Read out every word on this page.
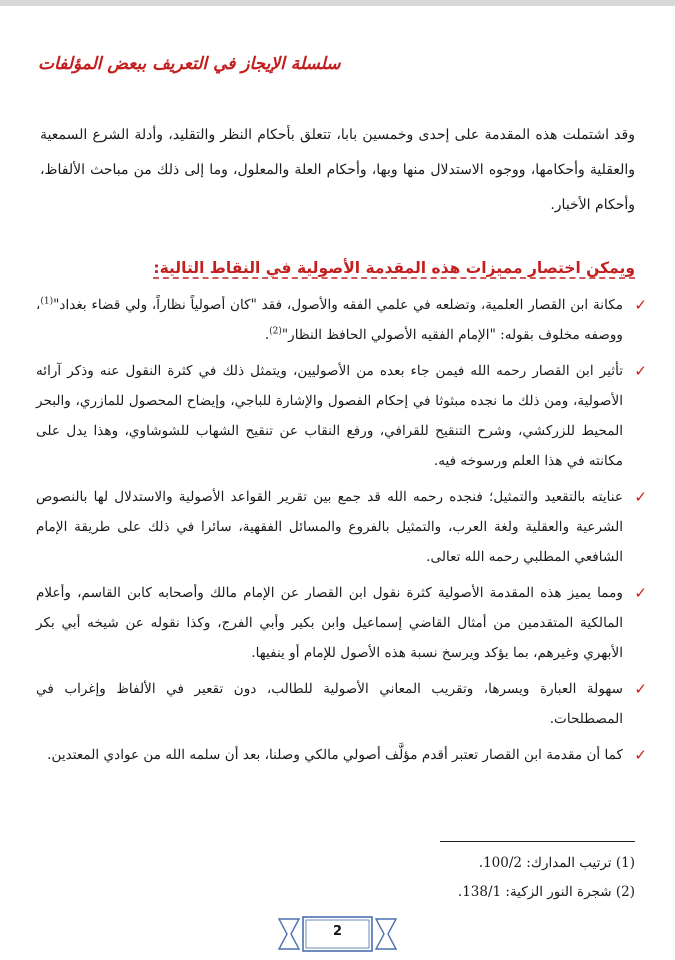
سلسلة الإيجاز في التعريف ببعض المؤلفات

وقد اشتملت هذه المقدمة على إحدى وخمسين بابا، تتعلق بأحكام النظر والتقليد، وأدلة الشرع السمعية والعقلية وأحكامها، ووجوه الاستدلال منها وبها، وأحكام العلة والمعلول، وما إلى ذلك من مباحث الألفاظ، وأحكام الأخبار.

ويمكن اختصار مميزات هذه المقدمة الأصولية في النقاط التالية:
✓
مكانة ابن القصار العلمية، وتضلعه في علمي الفقه والأصول، فقد "كان أصولياً نظاراً، ولي قضاء بغداد"$^{(1)}$، ووصفه مخلوف بقوله: "الإمام الفقيه الأصولي الحافظ النظار"$^{(2)}$.
✓
تأثير ابن القصار رحمه الله فيمن جاء بعده من الأصوليين، ويتمثل ذلك في كثرة النقول عنه وذكر آرائه الأصولية، ومن ذلك ما نجده مبثوثا في إحكام الفصول والإشارة للباجي، وإيضاح المحصول للمازري، والبحر المحيط للزركشي، وشرح التنقيح للقرافي، ورفع النقاب عن تنقيح الشهاب للشوشاوي، وهذا يدل على مكانته في هذا العلم ورسوخه فيه.
✓
عنايته بالتقعيد والتمثيل؛ فنجده رحمه الله قد جمع بين تقرير القواعد الأصولية والاستدلال لها بالنصوص الشرعية والعقلية ولغة العرب، والتمثيل بالفروع والمسائل الفقهية، سائرا في ذلك على طريقة الإمام الشافعي المطلبي رحمه الله تعالى.
✓
ومما يميز هذه المقدمة الأصولية كثرة نقول ابن القصار عن الإمام مالك وأصحابه كابن القاسم، وأعلام المالكية المتقدمين من أمثال القاضي إسماعيل وابن بكير وأبي الفرج، وكذا نقوله عن شيخه أبي بكر الأبهري وغيرهم، بما يؤكد ويرسخ نسبة هذه الأصول للإمام أو ينفيها.
✓
سهولة العبارة ويسرها، وتقريب المعاني الأصولية للطالب، دون تقعير في الألفاظ وإغراب في المصطلحات.
✓
كما أن مقدمة ابن القصار تعتبر أقدم مؤلَّف أصولي مالكي وصلنا، بعد أن سلمه الله من عوادي المعتدين.
(1) ترتيب المدارك: 100/2.
(2) شجرة النور الزكية: 138/1.
2
